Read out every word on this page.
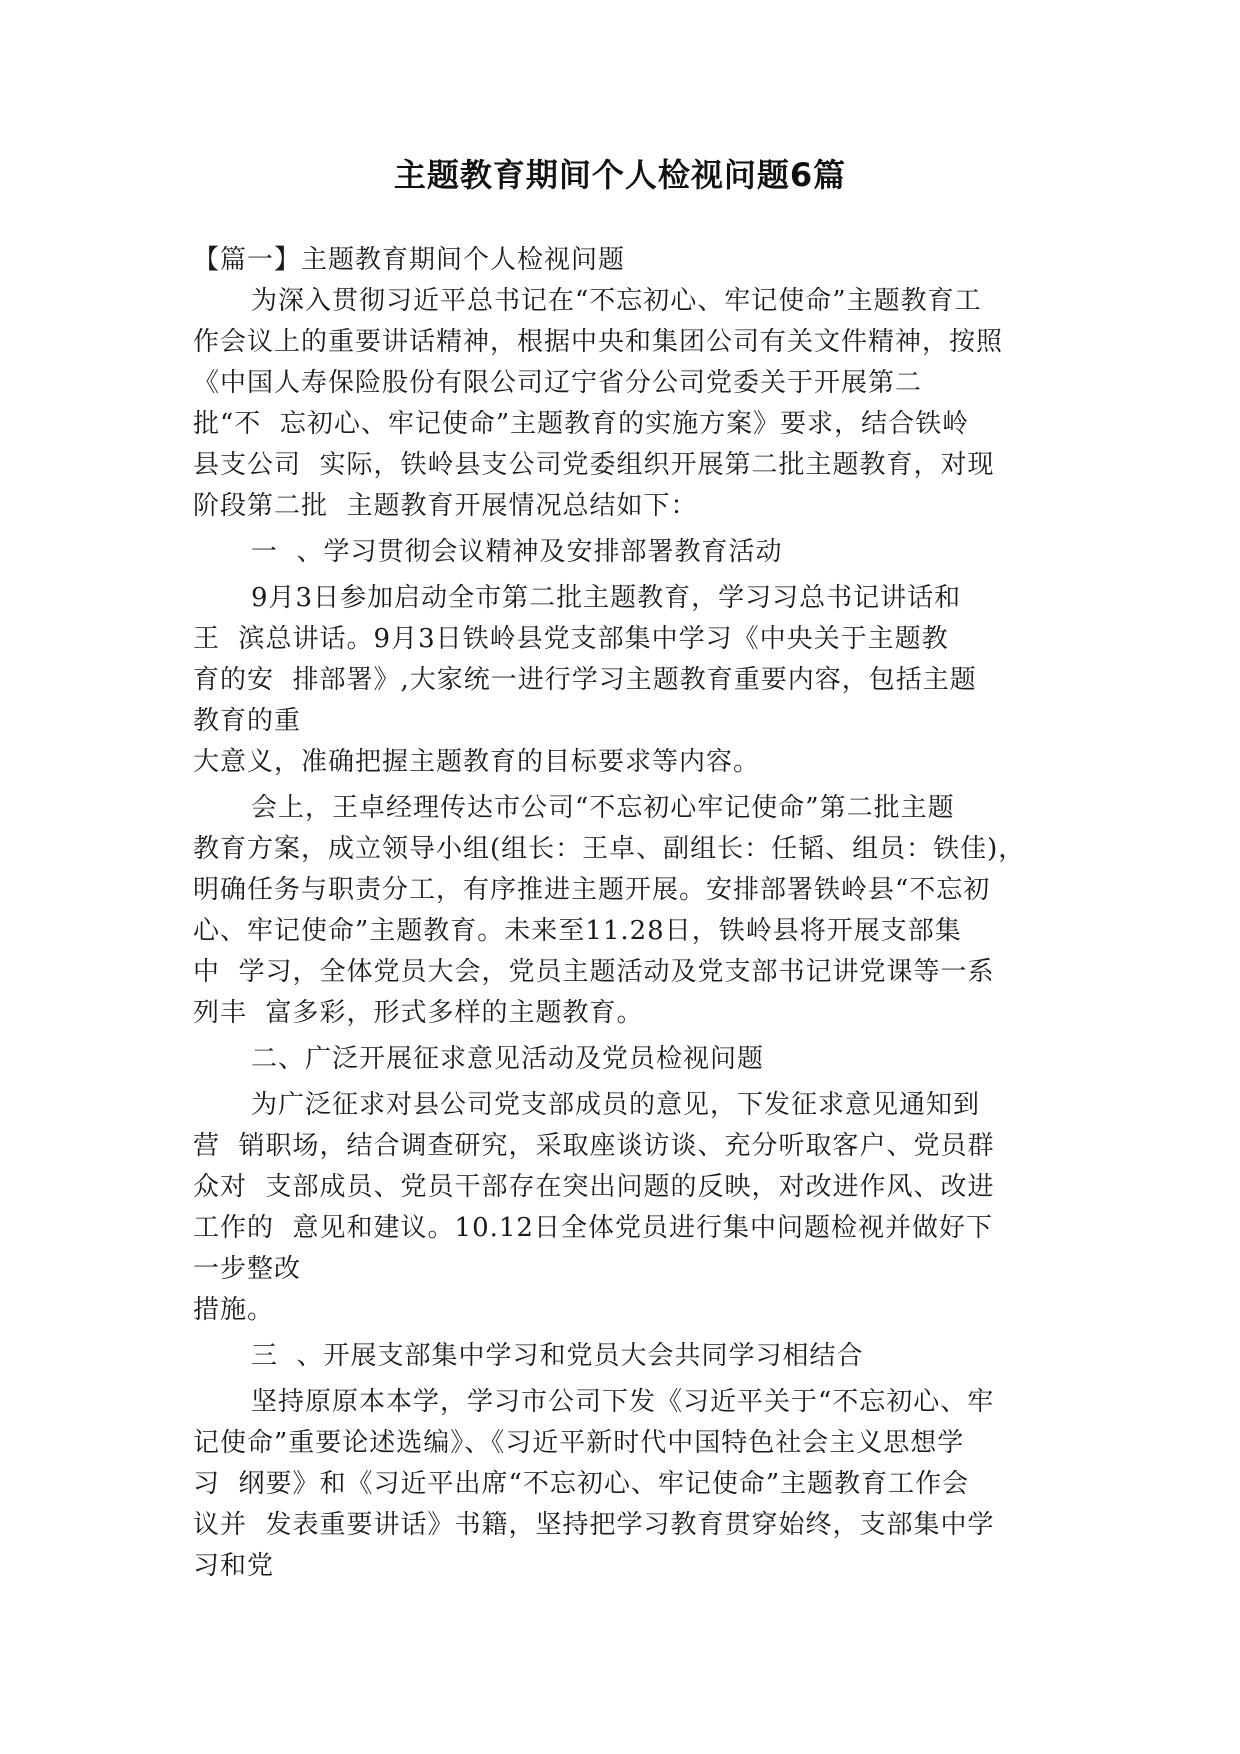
主题教育期间个人检视问题6篇
【篇一】主题教育期间个人检视问题
为深入贯彻习近平总书记在“不忘初心、牢记使命”主题教育工
作会议上的重要讲话精神，根据中央和集团公司有关文件精神，按照
《中国人寿保险股份有限公司辽宁省分公司党委关于开展第二
批“不  忘初心、牢记使命”主题教育的实施方案》要求，结合铁岭
县支公司  实际，铁岭县支公司党委组织开展第二批主题教育，对现
阶段第二批  主题教育开展情况总结如下：
一  、学习贯彻会议精神及安排部署教育活动
9月3日参加启动全市第二批主题教育，学习习总书记讲话和
王  滨总讲话。9月3日铁岭县党支部集中学习《中央关于主题教
育的安  排部署》,大家统一进行学习主题教育重要内容，包括主题
教育的重
大意义，准确把握主题教育的目标要求等内容。
会上，王卓经理传达市公司“不忘初心牢记使命”第二批主题
教育方案，成立领导小组(组长：王卓、副组长：任韬、组员：铁佳)，
明确任务与职责分工，有序推进主题开展。安排部署铁岭县“不忘初
心、牢记使命”主题教育。未来至11.28日，铁岭县将开展支部集
中  学习，全体党员大会，党员主题活动及党支部书记讲党课等一系
列丰  富多彩，形式多样的主题教育。
二、广泛开展征求意见活动及党员检视问题
为广泛征求对县公司党支部成员的意见，下发征求意见通知到
营  销职场，结合调查研究，采取座谈访谈、充分听取客户、党员群
众对  支部成员、党员干部存在突出问题的反映，对改进作风、改进
工作的  意见和建议。10.12日全体党员进行集中问题检视并做好下
一步整改
措施。
三  、开展支部集中学习和党员大会共同学习相结合
坚持原原本本学，学习市公司下发《习近平关于“不忘初心、牢
记使命”重要论述选编》、《习近平新时代中国特色社会主义思想学
习  纲要》和《习近平出席“不忘初心、牢记使命”主题教育工作会
议并  发表重要讲话》书籍，坚持把学习教育贯穿始终，支部集中学
习和党
